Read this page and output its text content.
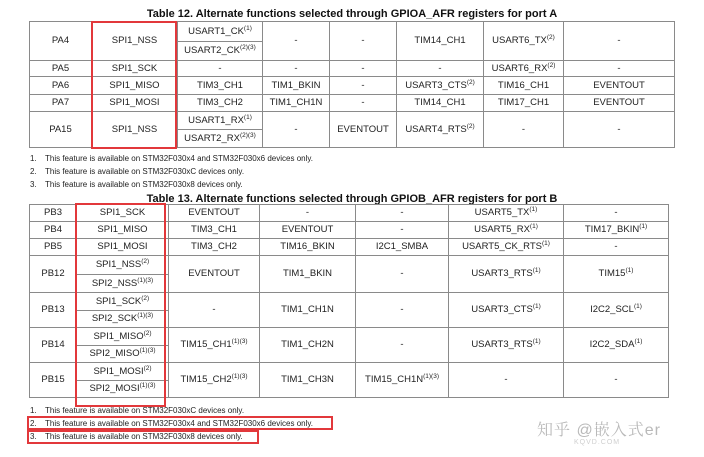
Table 12. Alternate functions selected through GPIOA_AFR registers for port A
PA4	SPI1_NSS	USART1_CK$^{(1)}$	-	-	TIM14_CH1	USART6_TX$^{(2)}$	-
		$USART2\_CK^{(2)(3)}$
PA5	SPI1_SCK	-	-	-	-	USART6_RX$^{(2)}$	-
PA6	SPI1_MISO	TIM3_CH1	TIM1_BKIN	-	USART3_CTS$^{(2)}$	TIM16_CH1	EVENTOUT
PA7	SPI1_MOSI	TIM3_CH2	TIM1_CH1N	-	TIM14_CH1	TIM17_CH1	EVENTOUT
PA15	SPI1_NSS	USART1_RX$^{(1)}$	-	EVENTOUT	USART4_RTS$^{(2)}$	-	-
		$USART2\_RX^{(2)(3)}$
1. This feature is available on STM32F030x4 and STM32F030x6 devices only.
2. This feature is available on STM32F030xC devices only.
3. This feature is available on STM32F030x8 devices only.
Table 13. Alternate functions selected through GPIOB_AFR registers for port B
PB3	SPI1_SCK	EVENTOUT	-	-	USART5_TX$^{(1)}$	-
PB4	SPI1_MISO	TIM3_CH1	EVENTOUT	-	USART5_RX$^{(1)}$	TIM17_BKIN$^{(1)}$
PB5	SPI1_MOSI	TIM3_CH2	TIM16_BKIN	I2C1_SMBA	USART5_CK_RTS$^{(1)}$	-
PB12	SPI1_NSS$^{(2)}$	EVENTOUT	TIM1_BKIN	-	USART3_RTS$^{(1)}$	TIM15$^{(1)}$
	$SPI2\_NSS^{(1)(3)}$
PB13	SPI1_SCK$^{(2)}$	-	TIM1_CH1N	-	USART3_CTS$^{(1)}$	I2C2_SCL$^{(1)}$
	$SPI2\_SCK^{(1)(3)}$
PB14	SPI1_MISO$^{(2)}$	$TIM15\_CH1^{(1)(3)}$	TIM1_CH2N	-	USART3_RTS$^{(1)}$	I2C2_SDA$^{(1)}$
	$SPI2\_MISO^{(1)(3)}$
PB15	SPI1_MOSI$^{(2)}$	$TIM15\_CH2^{(1)(3)}$	TIM1_CH3N	$TIM15\_CH1N^{(1)(3)}$	-	-
	$SPI2\_MOSI^{(1)(3)}$
1. This feature is available on STM32F030xC devices only.
2. This feature is available on STM32F030x4 and STM32F030x6 devices only.
3. This feature is available on STM32F030x8 devices only.	知乎 @嵌入式er
KQVD.COM
